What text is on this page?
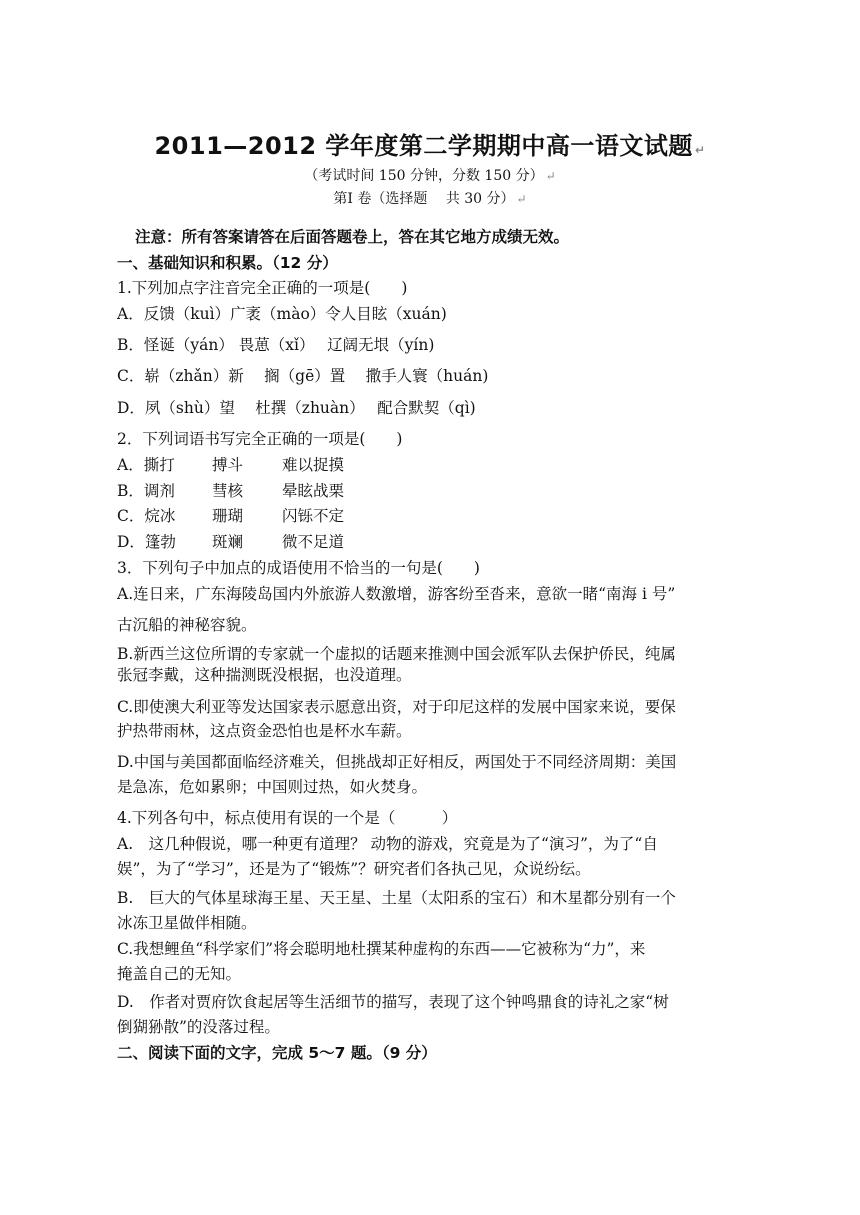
2011—2012 学年度第二学期期中高一语文试题 ↵
（考试时间 150 分钟，分数 150 分） ↵
第Ⅰ 卷（选择题　 共 30 分） ↵
注意：所有答案请答在后面答题卷上，答在其它地方成绩无效。
一、基础知识和积累。（12 分）
1.下列加点字注音完全正确的一项是(　　)
A．反馈（kuì）广袤（mào）令人目眩（xuán)
B．怪诞（yán） 畏葸（xǐ）　 辽阔无垠（yín)
C．崭（zhǎn）新 　搁（gē）置 　撒手人寰（huán)
D．夙（shù）望 　杜撰（zhuàn）　 配合默契（qì)
2．下列词语书写完全正确的一项是(　　)
A．撕打 搏斗	难以捉摸
B．调剂 彗核	晕眩战栗
C．烷冰 珊瑚	闪铄不定
D．篷勃 斑斓	微不足道
3．下列句子中加点的成语使用不恰当的一句是(　　)
A.连日来，广东海陵岛国内外旅游人数激增，游客纷至沓来，意欲一睹“南海 i 号”
古沉船的神秘容貌。
B.新西兰这位所谓的专家就一个虚拟的话题来推测中国会派军队去保护侨民，纯属
张冠李戴，这种揣测既没根据，也没道理。
C.即使澳大利亚等发达国家表示愿意出资，对于印尼这样的发展中国家来说，要保
护热带雨林，这点资金恐怕也是杯水车薪。
D.中国与美国都面临经济难关，但挑战却正好相反，两国处于不同经济周期：美国
是急冻，危如累卵；中国则过热，如火焚身。
4.下列各句中，标点使用有误的一个是（　　　）
A.　这几种假说，哪一种更有道理？ 动物的游戏，究竟是为了“演习”，为了“自
娱”，为了“学习”，还是为了“锻炼”？研究者们各执己见，众说纷纭。
B.　巨大的气体星球海王星、天王星、土星（太阳系的宝石）和木星都分别有一个
冰冻卫星做伴相随。
C.我想鲤鱼“科学家们”将会聪明地杜撰某种虚构的东西——它被称为“力”，来
掩盖自己的无知。
D.　作者对贾府饮食起居等生活细节的描写，表现了这个钟鸣鼎食的诗礼之家“树
倒猢狲散”的没落过程。
二、阅读下面的文字，完成 5～7 题。（9 分）
